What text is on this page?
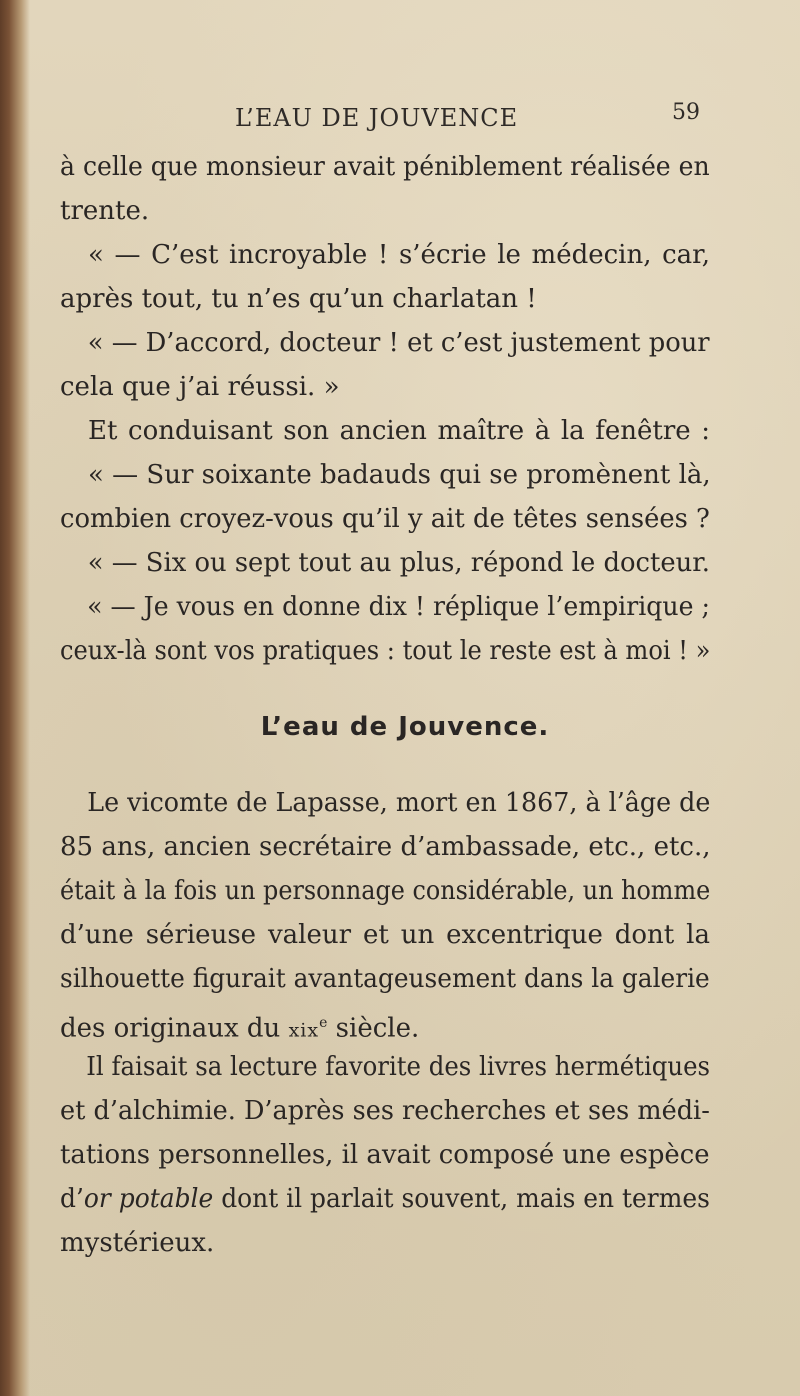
L’EAU DE JOUVENCE	59
à celle que monsieur avait péniblement réalisée en
trente.
« — C’est incroyable ! s’écrie le médecin, car,
après tout, tu n’es qu’un charlatan !
« — D’accord, docteur ! et c’est justement pour
cela que j’ai réussi. »
Et conduisant son ancien maître à la fenêtre :
« — Sur soixante badauds qui se promènent là,
combien croyez-vous qu’il y ait de têtes sensées ?
« — Six ou sept tout au plus, répond le docteur.
« — Je vous en donne dix ! réplique l’empirique ;
ceux-là sont vos pratiques : tout le reste est à moi ! »
L’eau de Jouvence.
Le vicomte de Lapasse, mort en 1867, à l’âge de
85 ans, ancien secrétaire d’ambassade, etc., etc.,
était à la fois un personnage considérable, un homme
d’une sérieuse valeur et un excentrique dont la
silhouette figurait avantageusement dans la galerie
des originaux du xix$^e$ siècle.
Il faisait sa lecture favorite des livres hermétiques
et d’alchimie. D’après ses recherches et ses médi-
tations personnelles, il avait composé une espèce
d’or potable dont il parlait souvent, mais en termes
mystérieux.
